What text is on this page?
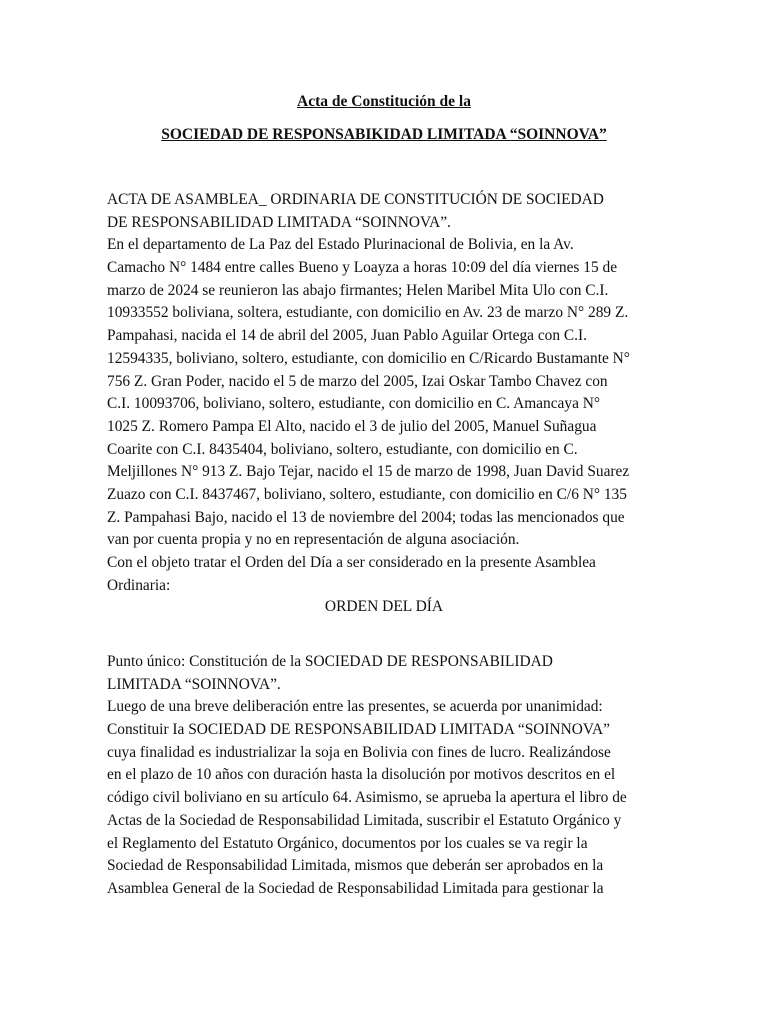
Acta de Constitución de la
SOCIEDAD DE RESPONSABIKIDAD LIMITADA “SOINNOVA”
ACTA DE ASAMBLEA_ ORDINARIA DE CONSTITUCIÓN DE SOCIEDAD
DE RESPONSABILIDAD LIMITADA “SOINNOVA”.
En el departamento de La Paz del Estado Plurinacional de Bolivia, en la Av.
Camacho N° 1484 entre calles Bueno y Loayza a horas 10:09 del día viernes 15 de
marzo de 2024 se reunieron las abajo firmantes; Helen Maribel Mita Ulo con C.I.
10933552 boliviana, soltera, estudiante, con domicilio en Av. 23 de marzo N° 289 Z.
Pampahasi, nacida el 14 de abril del 2005, Juan Pablo Aguilar Ortega con C.I.
12594335, boliviano, soltero, estudiante, con domicilio en C/Ricardo Bustamante N°
756 Z. Gran Poder, nacido el 5 de marzo del 2005, Izai Oskar Tambo Chavez con
C.I. 10093706, boliviano, soltero, estudiante, con domicilio en C. Amancaya N°
1025 Z. Romero Pampa El Alto, nacido el 3 de julio del 2005, Manuel Suñagua
Coarite con C.I. 8435404, boliviano, soltero, estudiante, con domicilio en C.
Meljillones N° 913 Z. Bajo Tejar, nacido el 15 de marzo de 1998, Juan David Suarez
Zuazo con C.I. 8437467, boliviano, soltero, estudiante, con domicilio en C/6 N° 135
Z. Pampahasi Bajo, nacido el 13 de noviembre del 2004; todas las mencionados que
van por cuenta propia y no en representación de alguna asociación.
Con el objeto tratar el Orden del Día a ser considerado en la presente Asamblea
Ordinaria:
ORDEN DEL DÍA
Punto único: Constitución de la SOCIEDAD DE RESPONSABILIDAD
LIMITADA “SOINNOVA”.
Luego de una breve deliberación entre las presentes, se acuerda por unanimidad:
Constituir Ia SOCIEDAD DE RESPONSABILIDAD LIMITADA “SOINNOVA”
cuya finalidad es industrializar la soja en Bolivia con fines de lucro. Realizándose
en el plazo de 10 años con duración hasta la disolución por motivos descritos en el
código civil boliviano en su artículo 64. Asimismo, se aprueba la apertura el libro de
Actas de la Sociedad de Responsabilidad Limitada, suscribir el Estatuto Orgánico y
el Reglamento del Estatuto Orgánico, documentos por los cuales se va regir la
Sociedad de Responsabilidad Limitada, mismos que deberán ser aprobados en la
Asamblea General de la Sociedad de Responsabilidad Limitada para gestionar la
